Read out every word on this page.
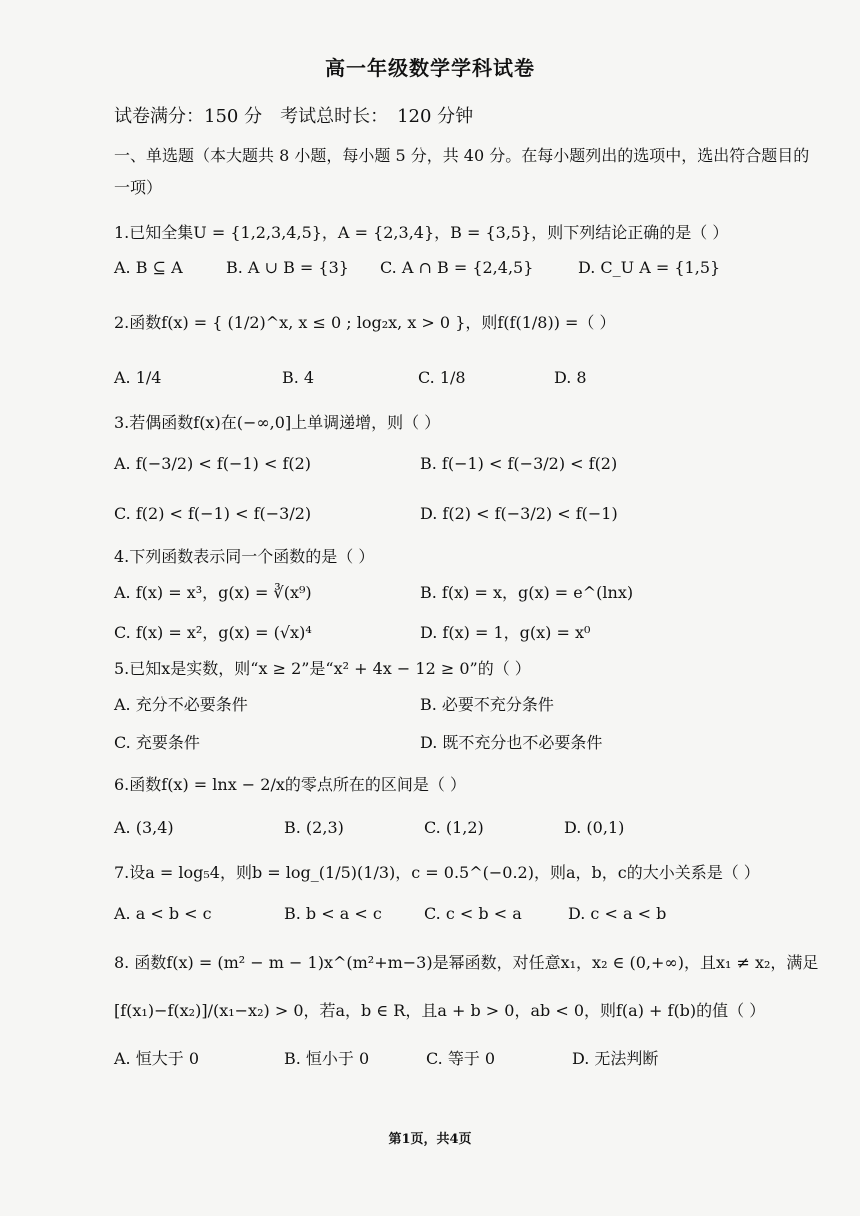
高一年级数学学科试卷
试卷满分：150 分　考试总时长：　120 分钟
一、单选题（本大题共 8 小题，每小题 5 分，共 40 分。在每小题列出的选项中，选出符合题目的一项）
1.已知全集U = {1,2,3,4,5}，A = {2,3,4}，B = {3,5}，则下列结论正确的是（ ）
A. B ⊆ A	B. A ∪ B = {3} C. A ∩ B = {2,4,5}	D. C_U A = {1,5}
2.函数f(x) = { (1/2)^x, x ≤ 0 ; log₂x, x > 0 }，则f(f(1/8)) =（ ）
A. 1/4	B. 4	C. 1/8	D. 8
3.若偶函数f(x)在(−∞,0]上单调递增，则（ ）
A. f(−3/2) < f(−1) < f(2)	B. f(−1) < f(−3/2) < f(2)
C. f(2) < f(−1) < f(−3/2)	D. f(2) < f(−3/2) < f(−1)
4.下列函数表示同一个函数的是（ ）
A. f(x) = x³，g(x) = ∛(x⁹)	B. f(x) = x，g(x) = e^(lnx)
C. f(x) = x²，g(x) = (√x)⁴	D. f(x) = 1，g(x) = x⁰
5.已知x是实数，则“x ≥ 2”是“x² + 4x − 12 ≥ 0”的（ ）
A. 充分不必要条件	B. 必要不充分条件
C. 充要条件	D. 既不充分也不必要条件
6.函数f(x) = lnx − 2/x的零点所在的区间是（ ）
A. (3,4)	B. (2,3)	C. (1,2)	D. (0,1)
7.设a = log₅4，则b = log_(1/5)(1/3)，c = 0.5^(−0.2)，则a，b，c的大小关系是（ ）
A. a < b < c	B. b < a < c	C. c < b < a	D. c < a < b
8. 函数f(x) = (m² − m − 1)x^(m²+m−3)是幂函数，对任意x₁，x₂ ∈ (0,+∞)，且x₁ ≠ x₂，满足
[f(x₁)−f(x₂)]/(x₁−x₂) > 0，若a，b ∈ R，且a + b > 0，ab < 0，则f(a) + f(b)的值（ ）
A. 恒大于 0	B. 恒小于 0	C. 等于 0	D. 无法判断
第1页，共4页
